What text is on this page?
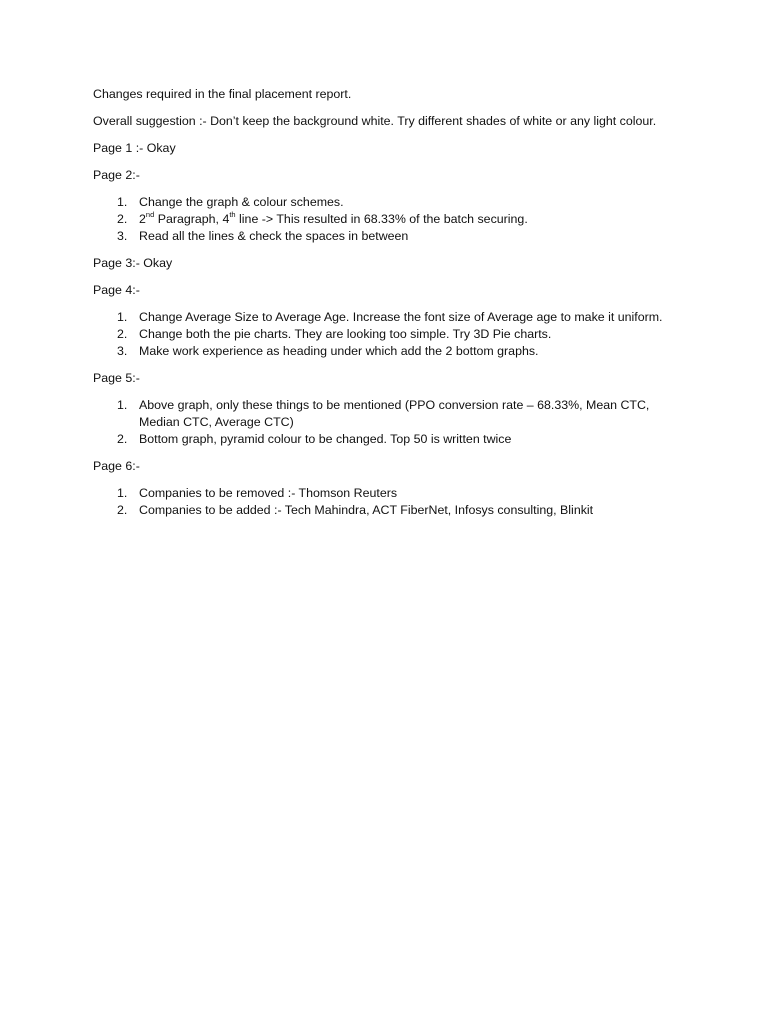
Changes required in the final placement report.

Overall suggestion :- Don’t keep the background white. Try different shades of white or any light colour.

Page 1 :- Okay

Page 2:-

1. Change the graph & colour schemes.
2. 2nd Paragraph, 4th line -> This resulted in 68.33% of the batch securing.
3. Read all the lines & check the spaces in between

Page 3:- Okay

Page 4:-

1. Change Average Size to Average Age. Increase the font size of Average age to make it uniform.
2. Change both the pie charts. They are looking too simple. Try 3D Pie charts.
3. Make work experience as heading under which add the 2 bottom graphs.

Page 5:-

1. Above graph, only these things to be mentioned (PPO conversion rate – 68.33%, Mean CTC, Median CTC, Average CTC)
2. Bottom graph, pyramid colour to be changed. Top 50 is written twice

Page 6:-

1. Companies to be removed :- Thomson Reuters
2. Companies to be added :- Tech Mahindra, ACT FiberNet, Infosys consulting, Blinkit
